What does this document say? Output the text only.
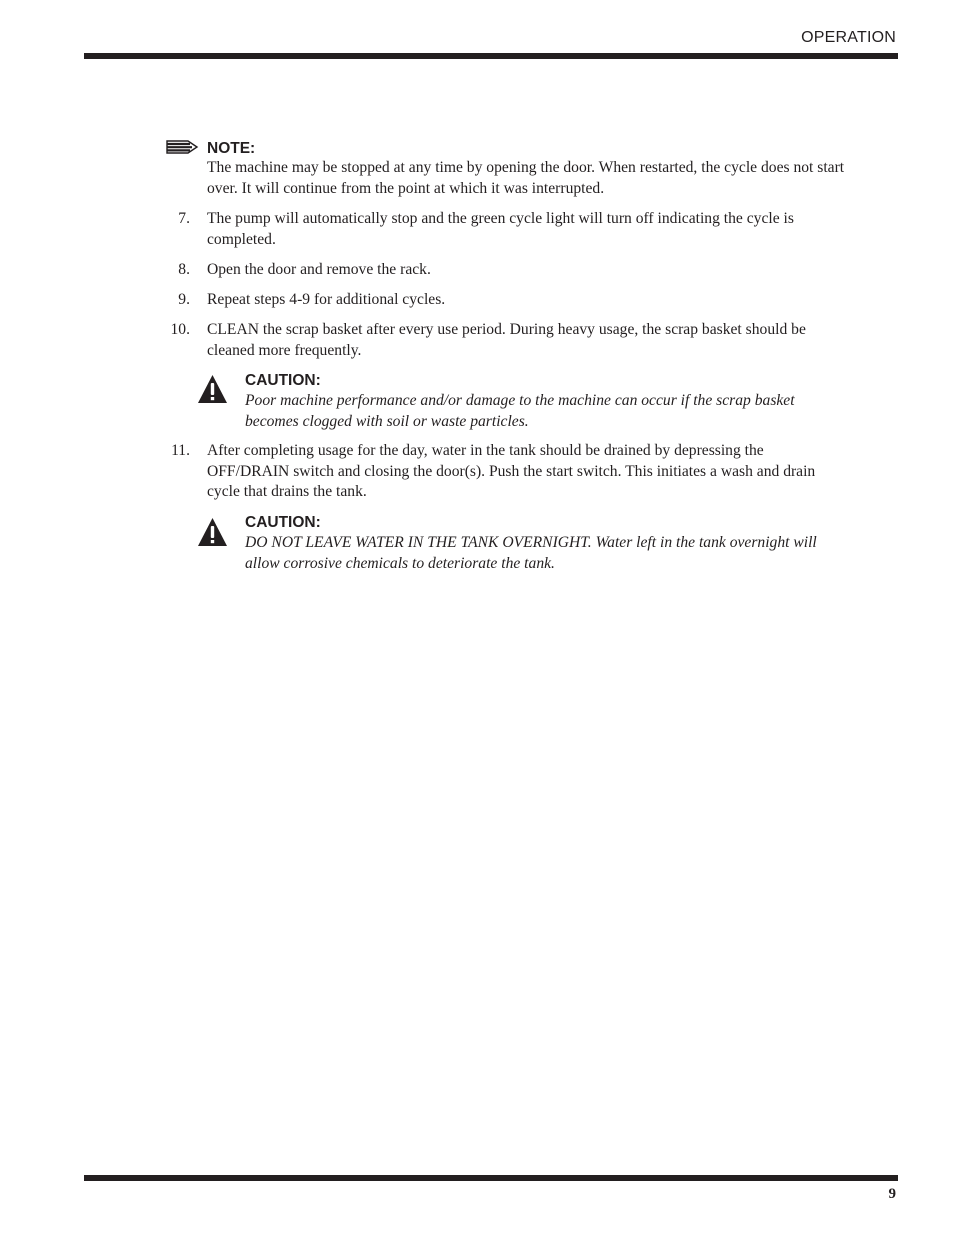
OPERATION
NOTE:
The machine may be stopped at any time by opening the door. When restarted, the cycle does not start over. It will continue from the point at which it was interrupted.
7. The pump will automatically stop and the green cycle light will turn off indicating the cycle is completed.
8. Open the door and remove the rack.
9. Repeat steps 4-9 for additional cycles.
10. CLEAN the scrap basket after every use period. During heavy usage, the scrap basket should be cleaned more frequently.
CAUTION:
Poor machine performance and/or damage to the machine can occur if the scrap basket becomes clogged with soil or waste particles.
11. After completing usage for the day, water in the tank should be drained by depressing the OFF/DRAIN switch and closing the door(s). Push the start switch. This initiates a wash and drain cycle that drains the tank.
CAUTION:
DO NOT LEAVE WATER IN THE TANK OVERNIGHT. Water left in the tank overnight will allow corrosive chemicals to deteriorate the tank.
9
